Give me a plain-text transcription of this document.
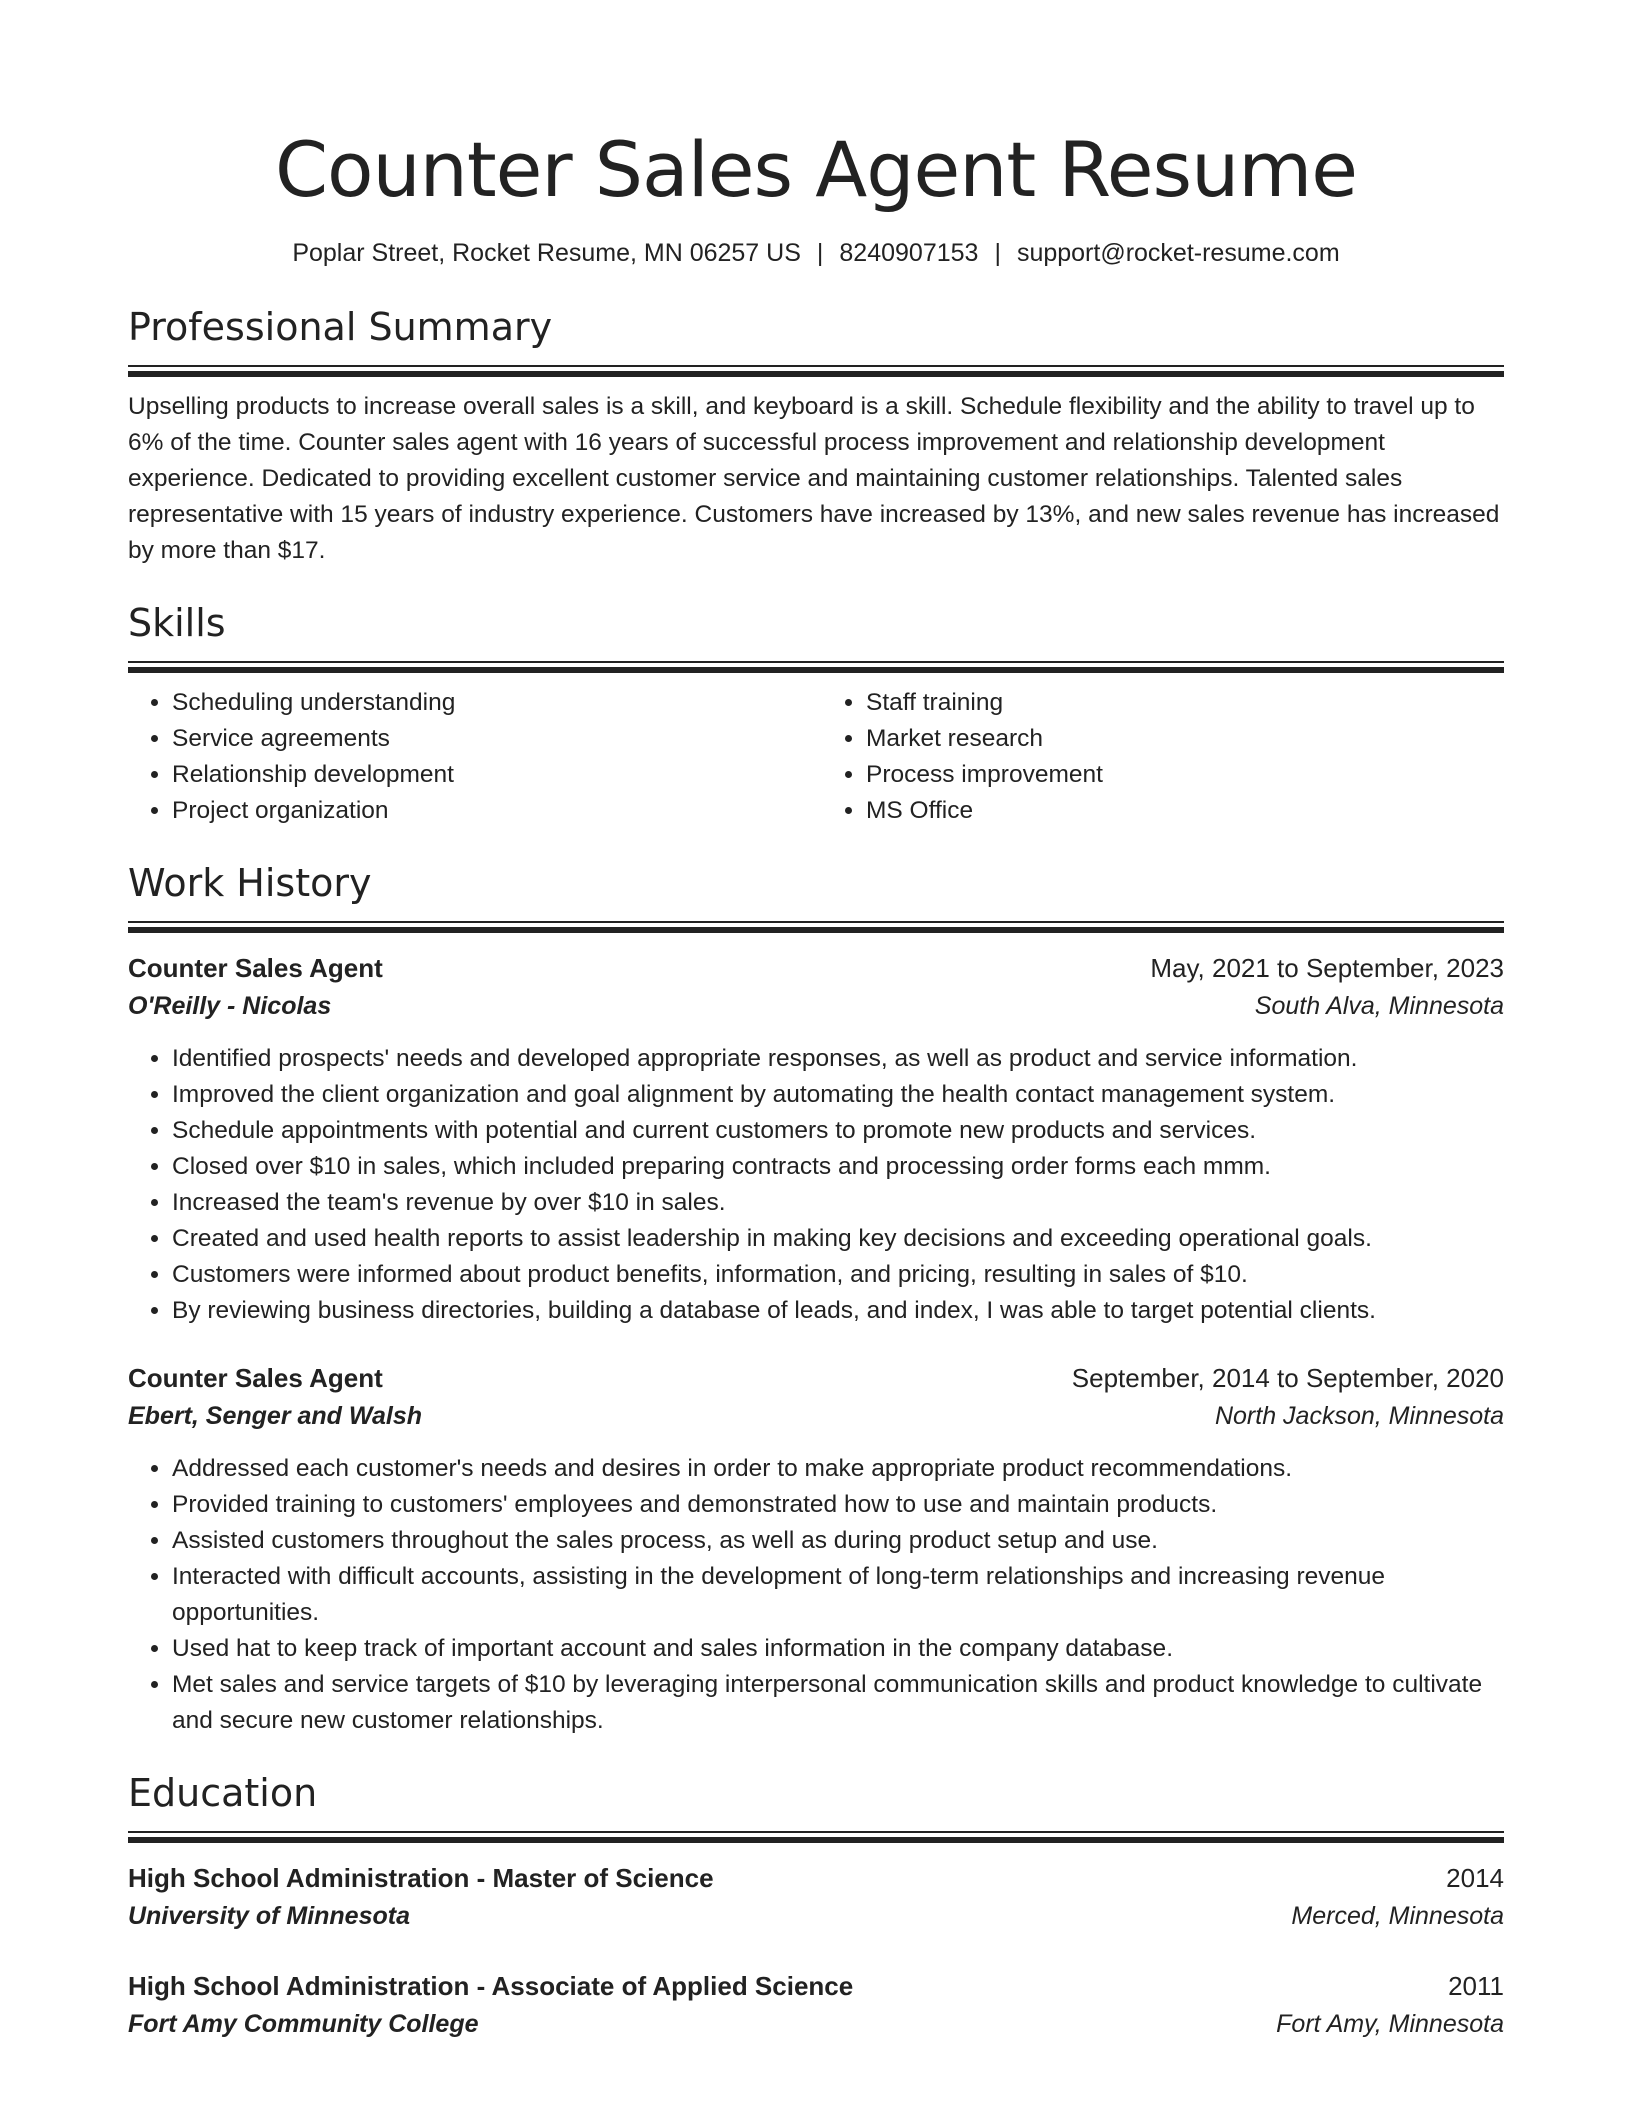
Counter Sales Agent Resume
Poplar Street, Rocket Resume, MN 06257 US | 8240907153 | support@rocket-resume.com
Professional Summary
Upselling products to increase overall sales is a skill, and keyboard is a skill. Schedule flexibility and the ability to travel up to 6% of the time. Counter sales agent with 16 years of successful process improvement and relationship development experience. Dedicated to providing excellent customer service and maintaining customer relationships. Talented sales representative with 15 years of industry experience. Customers have increased by 13%, and new sales revenue has increased by more than $17.
Skills
• Scheduling understanding
• Service agreements
• Relationship development
• Project organization
• Staff training
• Market research
• Process improvement
• MS Office
Work History
Counter Sales Agent	May, 2021 to September, 2023
O'Reilly - Nicolas	South Alva, Minnesota
• Identified prospects' needs and developed appropriate responses, as well as product and service information.
• Improved the client organization and goal alignment by automating the health contact management system.
• Schedule appointments with potential and current customers to promote new products and services.
• Closed over $10 in sales, which included preparing contracts and processing order forms each mmm.
• Increased the team's revenue by over $10 in sales.
• Created and used health reports to assist leadership in making key decisions and exceeding operational goals.
• Customers were informed about product benefits, information, and pricing, resulting in sales of $10.
• By reviewing business directories, building a database of leads, and index, I was able to target potential clients.
Counter Sales Agent	September, 2014 to September, 2020
Ebert, Senger and Walsh	North Jackson, Minnesota
• Addressed each customer's needs and desires in order to make appropriate product recommendations.
• Provided training to customers' employees and demonstrated how to use and maintain products.
• Assisted customers throughout the sales process, as well as during product setup and use.
• Interacted with difficult accounts, assisting in the development of long-term relationships and increasing revenue opportunities.
• Used hat to keep track of important account and sales information in the company database.
• Met sales and service targets of $10 by leveraging interpersonal communication skills and product knowledge to cultivate and secure new customer relationships.
Education
High School Administration - Master of Science	2014
University of Minnesota	Merced, Minnesota
High School Administration - Associate of Applied Science	2011
Fort Amy Community College	Fort Amy, Minnesota
